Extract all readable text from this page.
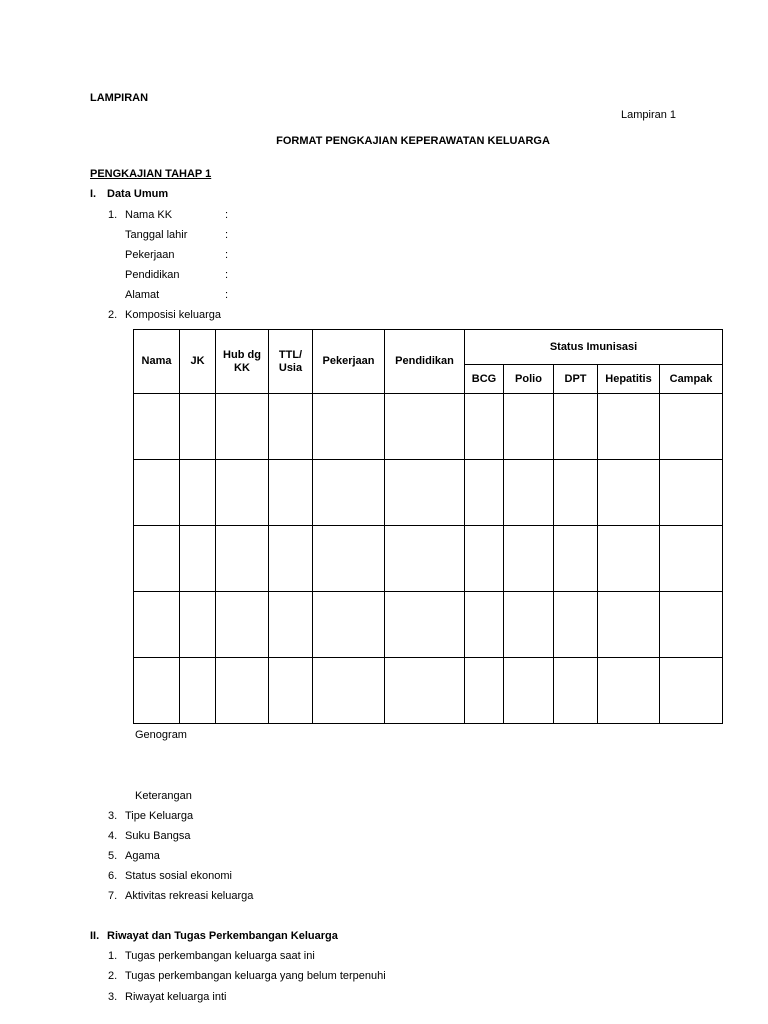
LAMPIRAN
Lampiran 1
FORMAT PENGKAJIAN KEPERAWATAN KELUARGA
PENGKAJIAN TAHAP 1
I. Data Umum
1. Nama KK	:
Tanggal lahir	:
Pekerjaan	:
Pendidikan	:
Alamat	:
2. Komposisi keluarga
Nama	JK	Hub dg KK	TTL/ Usia	Pekerjaan	Pendidikan	Status Imunisasi				
						BCG	Polio	DPT	Hepatitis	Campak

Genogram
Keterangan
3. Tipe Keluarga
4. Suku Bangsa
5. Agama
6. Status sosial ekonomi
7. Aktivitas rekreasi keluarga
II. Riwayat dan Tugas Perkembangan Keluarga
1. Tugas perkembangan keluarga saat ini
2. Tugas perkembangan keluarga yang belum terpenuhi
3. Riwayat keluarga inti
